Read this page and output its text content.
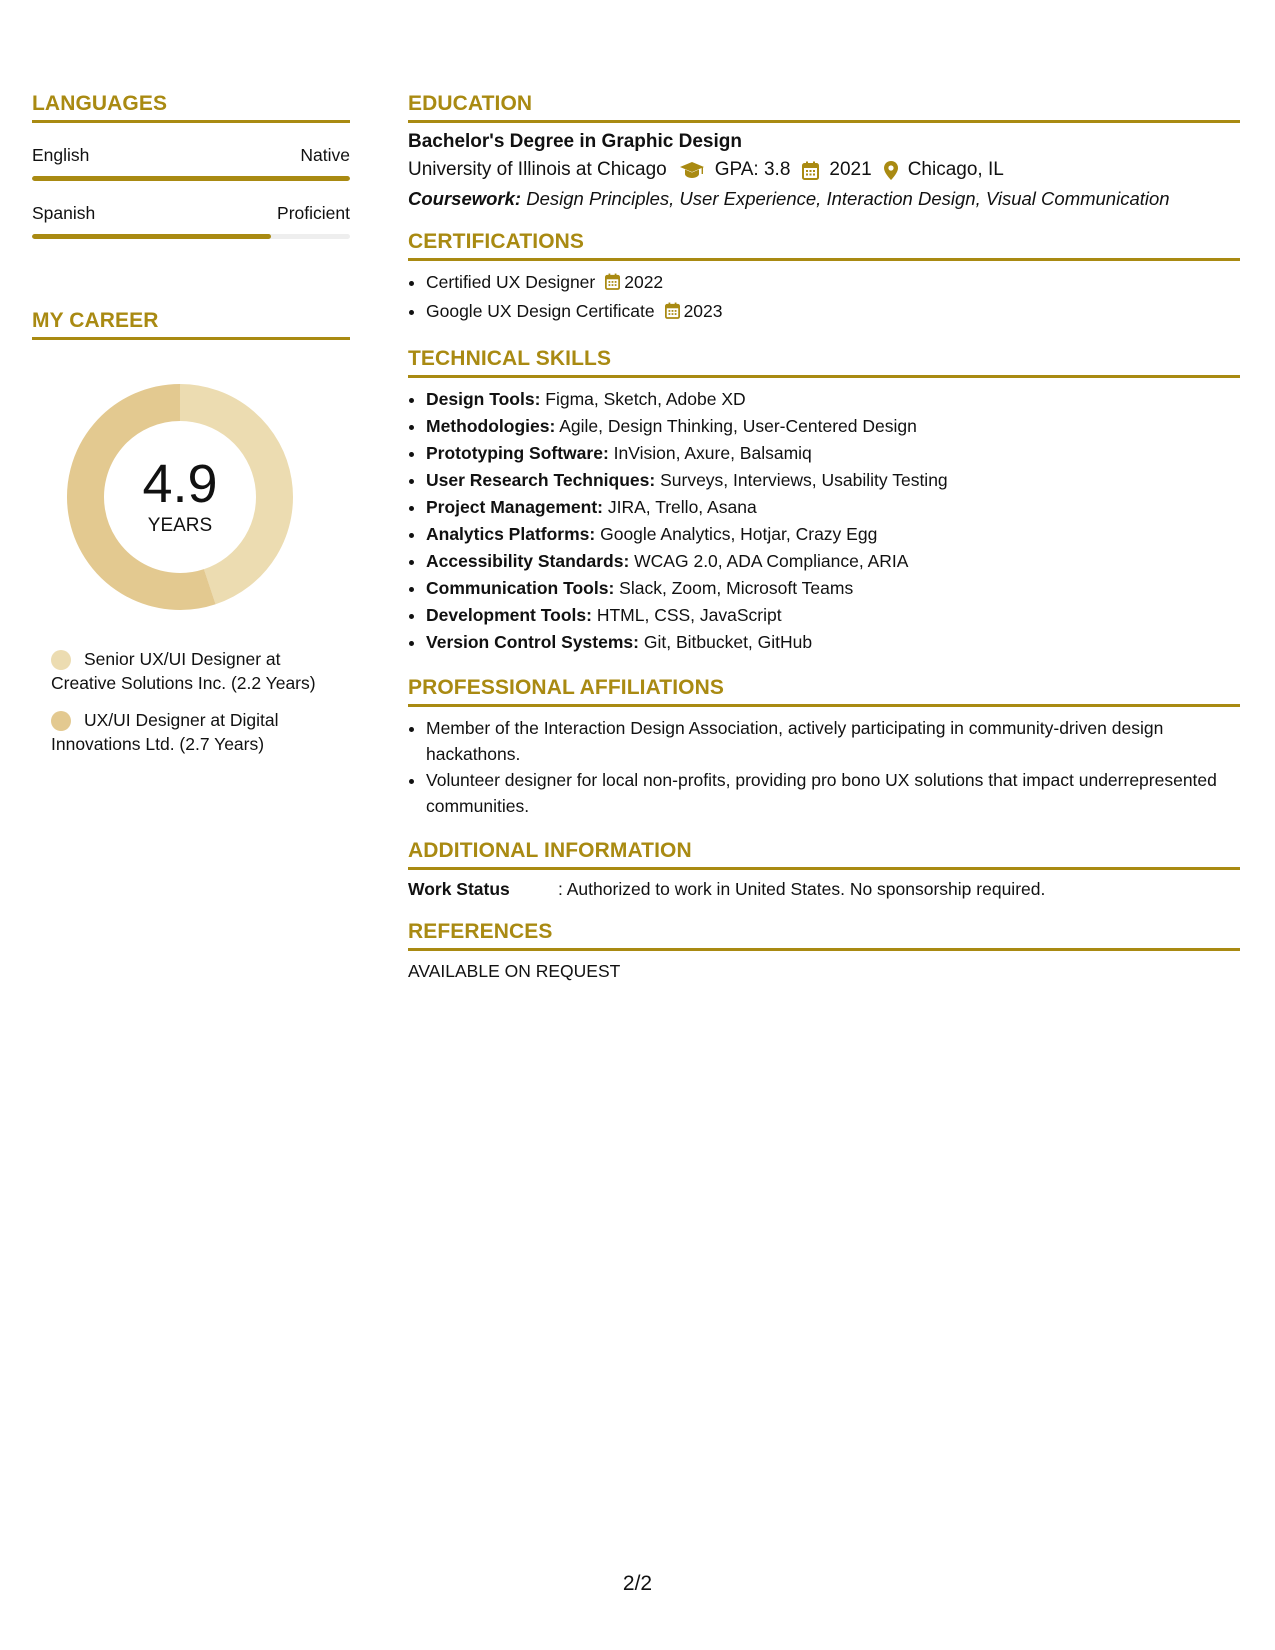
LANGUAGES
English	Native
Spanish	Proficient
MY CAREER
4.9
YEARS
Senior UX/UI Designer at Creative Solutions Inc. (2.2 Years)
UX/UI Designer at Digital Innovations Ltd. (2.7 Years)
EDUCATION
Bachelor's Degree in Graphic Design
University of Illinois at Chicago	GPA: 3.8 2021 Chicago, IL
Coursework: Design Principles, User Experience, Interaction Design, Visual Communication
CERTIFICATIONS
• Certified UX Designer 2022
• Google UX Design Certificate 2023
TECHNICAL SKILLS
• Design Tools: Figma, Sketch, Adobe XD
• Methodologies: Agile, Design Thinking, User-Centered Design
• Prototyping Software: InVision, Axure, Balsamiq
• User Research Techniques: Surveys, Interviews, Usability Testing
• Project Management: JIRA, Trello, Asana
• Analytics Platforms: Google Analytics, Hotjar, Crazy Egg
• Accessibility Standards: WCAG 2.0, ADA Compliance, ARIA
• Communication Tools: Slack, Zoom, Microsoft Teams
• Development Tools: HTML, CSS, JavaScript
• Version Control Systems: Git, Bitbucket, GitHub
PROFESSIONAL AFFILIATIONS
• Member of the Interaction Design Association, actively participating in community-driven design hackathons.
• Volunteer designer for local non-profits, providing pro bono UX solutions that impact underrepresented communities.
ADDITIONAL INFORMATION
Work Status	: Authorized to work in United States. No sponsorship required.
REFERENCES
AVAILABLE ON REQUEST
2/2
